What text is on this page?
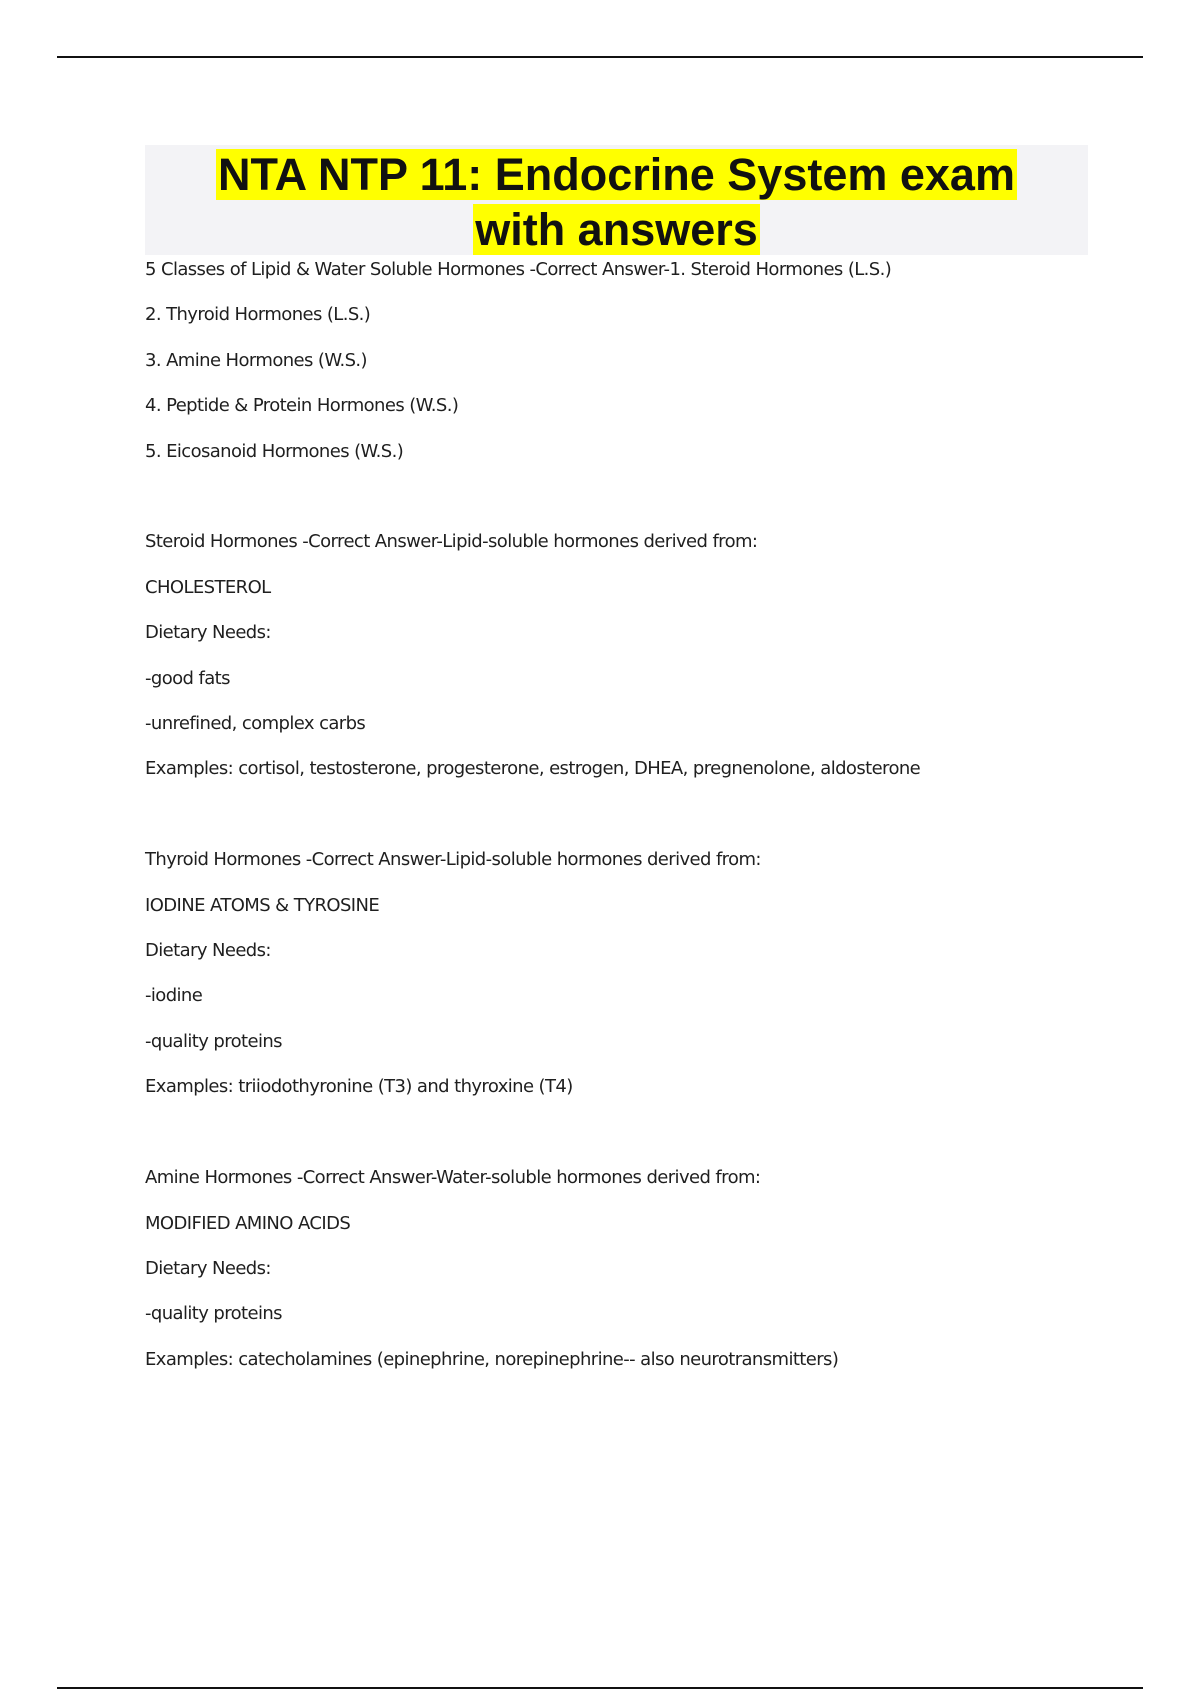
NTA NTP 11: Endocrine System exam
with answers
5 Classes of Lipid & Water Soluble Hormones -Correct Answer-1. Steroid Hormones (L.S.)
2. Thyroid Hormones (L.S.)
3. Amine Hormones (W.S.)
4. Peptide & Protein Hormones (W.S.)
5. Eicosanoid Hormones (W.S.)
Steroid Hormones -Correct Answer-Lipid-soluble hormones derived from:
CHOLESTEROL
Dietary Needs:
-good fats
-unrefined, complex carbs
Examples: cortisol, testosterone, progesterone, estrogen, DHEA, pregnenolone, aldosterone
Thyroid Hormones -Correct Answer-Lipid-soluble hormones derived from:
IODINE ATOMS & TYROSINE
Dietary Needs:
-iodine
-quality proteins
Examples: triiodothyronine (T3) and thyroxine (T4)
Amine Hormones -Correct Answer-Water-soluble hormones derived from:
MODIFIED AMINO ACIDS
Dietary Needs:
-quality proteins
Examples: catecholamines (epinephrine, norepinephrine-- also neurotransmitters)
